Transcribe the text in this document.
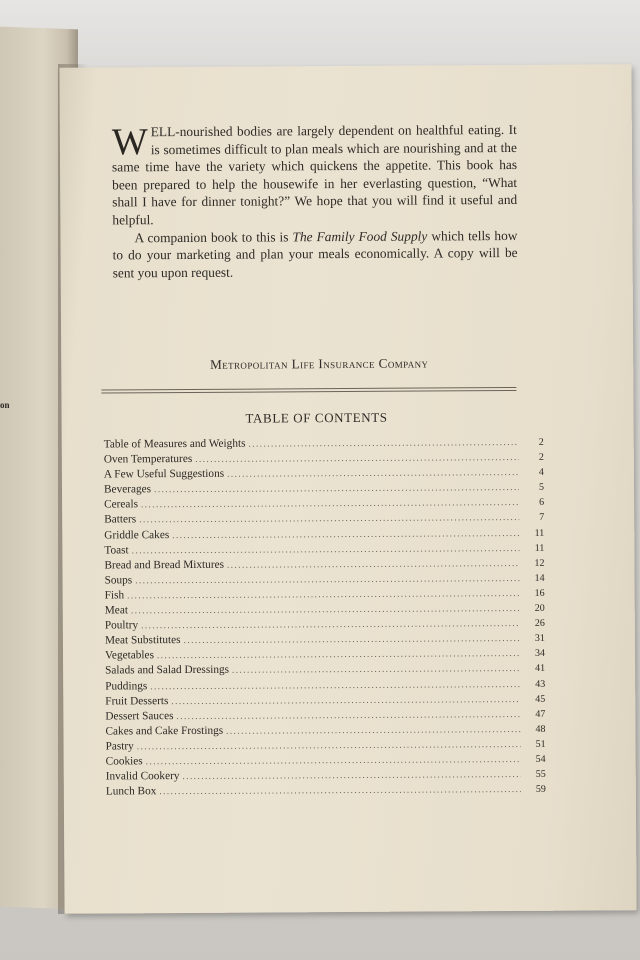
on

WELL-nourished bodies are largely dependent on healthful eating. It is sometimes difficult to plan meals which are nourishing and at the same time have the variety which quickens the appetite. This book has been prepared to help the housewife in her everlasting question, “What shall I have for dinner tonight?” We hope that you will find it useful and helpful.

A companion book to this is The Family Food Supply which tells how to do your marketing and plan your meals economically. A copy will be sent you upon request.

Metropolitan Life Insurance Company
TABLE OF CONTENTS
Table of Measures and Weights .....	2
Oven Temperatures .....	2
A Few Useful Suggestions .....	4
Beverages .....	5
Cereals .....	6
Batters .....	7
Griddle Cakes .....	11
Toast .....	11
Bread and Bread Mixtures .....	12
Soups .....	14
Fish .....	16
Meat .....	20
Poultry .....	26
Meat Substitutes .....	31
Vegetables .....	34
Salads and Salad Dressings .....	41
Puddings .....	43
Fruit Desserts .....	45
Dessert Sauces .....	47
Cakes and Cake Frostings .....	48
Pastry .....	51
Cookies .....	54
Invalid Cookery .....	55
Lunch Box .....	59
